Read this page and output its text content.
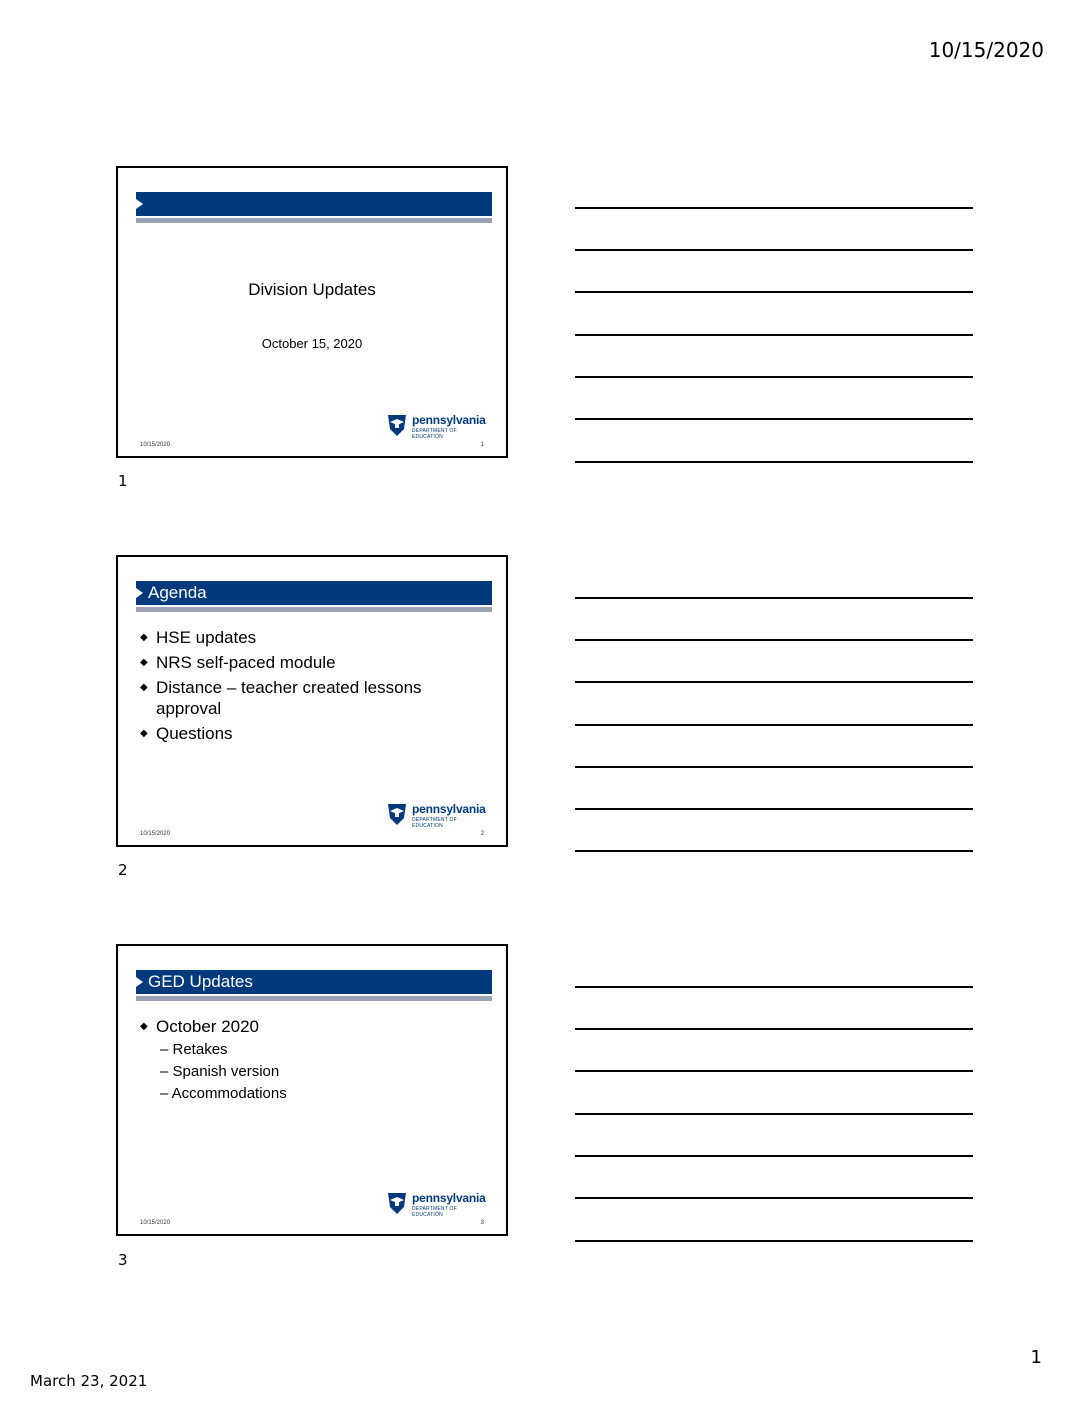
10/15/2020
Division Updates
October 15, 2020
pennsylvania
DEPARTMENT OF EDUCATION
10/15/2020	1
1
Agenda
◆ HSE updates
◆ NRS self-paced module
◆ Distance – teacher created lessons approval
◆ Questions
pennsylvania
DEPARTMENT OF EDUCATION
10/15/2020	2
2
GED Updates
◆ October 2020
– Retakes
– Spanish version
– Accommodations
pennsylvania
DEPARTMENT OF EDUCATION
10/15/2020	3
3
1
March 23, 2021
